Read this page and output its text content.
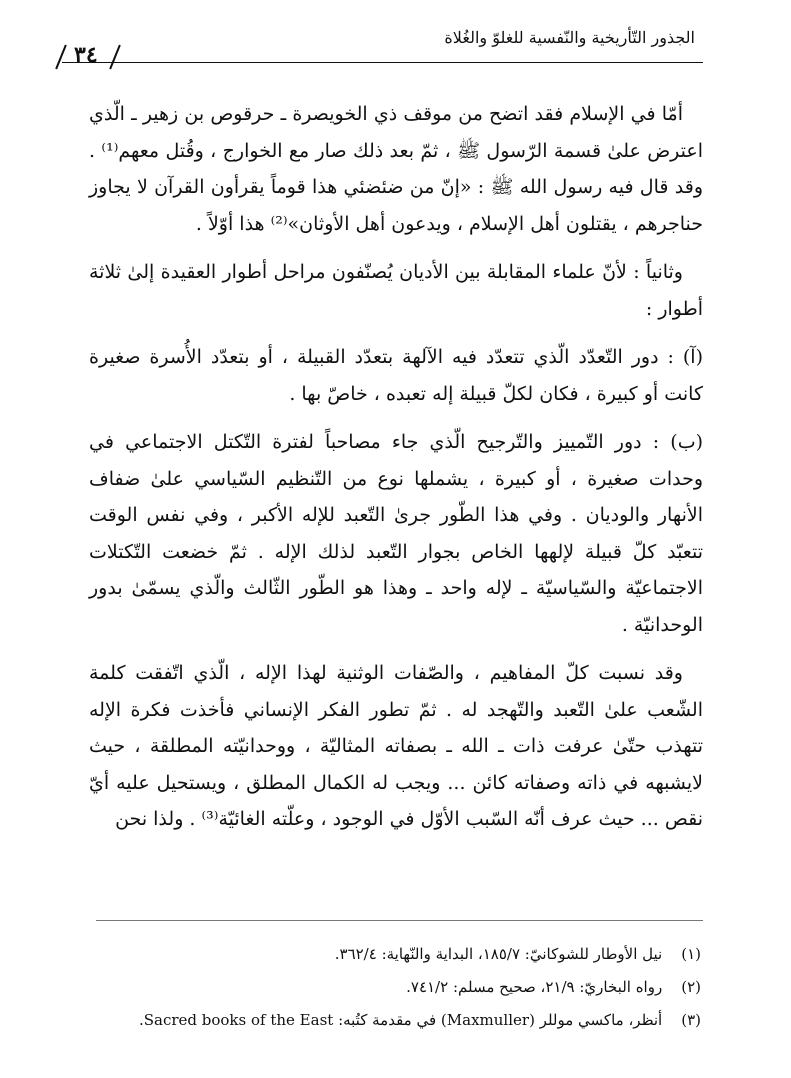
الجذور التّأريخية والنّفسية للغلوّ والغُلاة
٣٤

أمّا في الإسلام فقد اتضح من موقف ذي الخويصرة ـ حرقوص بن زهير ـ الّذي اعترض علىٰ قسمة الرّسول ﷺ ، ثمّ بعد ذلك صار مع الخوارج ، وقُتل معهم⁽¹⁾ . وقد قال فيه رسول الله ﷺ : «إنّ من ضئضئي هذا قوماً يقرأون القرآن لا يجاوز حناجرهم ، يقتلون أهل الإسلام ، ويدعون أهل الأوثان»⁽²⁾ هذا أوّلاً .

وثانياً : لأنّ علماء المقابلة بين الأديان يُصنّفون مراحل أطوار العقيدة إلىٰ ثلاثة أطوار :

(آ) : دور التّعدّد الّذي تتعدّد فيه الآلهة بتعدّد القبيلة ، أو بتعدّد الأُسرة صغيرة كانت أو كبيرة ، فكان لكلّ قبيلة إله تعبده ، خاصّ بها .

(ب) : دور التّمييز والتّرجيح الّذي جاء مصاحباً لفترة التّكتل الاجتماعي في وحدات صغيرة ، أو كبيرة ، يشملها نوع من التّنظيم السّياسي علىٰ ضفاف الأنهار والوديان . وفي هذا الطّور جرىٰ التّعبد للإله الأكبر ، وفي نفس الوقت تتعبّد كلّ قبيلة لإلهها الخاص بجوار التّعبد لذلك الإله . ثمّ خضعت التّكتلات الاجتماعيّة والسّياسيّة ـ لإله واحد ـ وهذا هو الطّور الثّالث والّذي يسمّىٰ بدور الوحدانيّة .

وقد نسبت كلّ المفاهيم ، والصّفات الوثنية لهذا الإله ، الّذي اتّفقت كلمة الشّعب علىٰ التّعبد والتّهجد له . ثمّ تطور الفكر الإنساني فأخذت فكرة الإله تتهذب حتّىٰ عرفت ذات ـ الله ـ بصفاته المثاليّة ، ووحدانيّته المطلقة ، حيث لايشبهه في ذاته وصفاته كائن ... ويجب له الكمال المطلق ، ويستحيل عليه أيّ نقص ... حيث عرف أنّه السّبب الأوّل في الوجود ، وعلّته الغائيّة⁽³⁾ . ولذا نحن

(١) نيل الأوطار للشوكانيّ: ١٨٥/٧، البداية والنّهاية: ٣٦٢/٤.
(٢) رواه البخاريّ: ٢١/٩، صحيح مسلم: ٧٤١/٢.
(٣) أنظر، ماكسي موللر (Maxmuller) في مقدمة كتُبه: Sacred books of the East.
